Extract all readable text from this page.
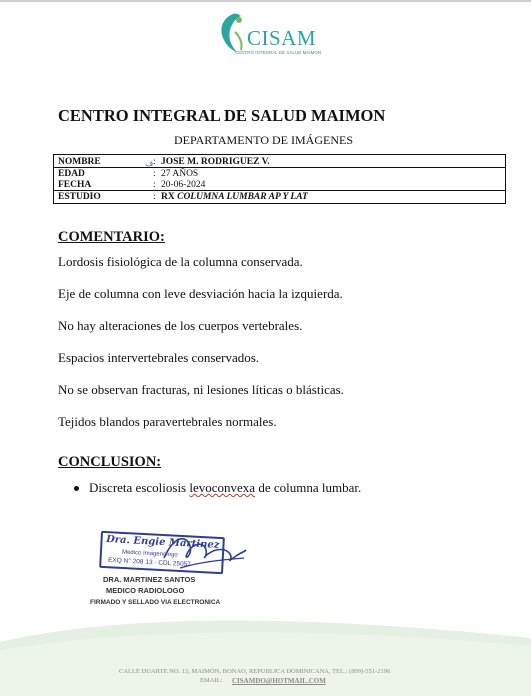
CISAM
CENTRO INTEGRAL DE SALUD MAIMON
CENTRO INTEGRAL DE SALUD MAIMON
DEPARTAMENTO DE IMÁGENES
ف
NOMBRE	: JOSE M. RODRIGUEZ V.
EDAD	: 27 AÑOS
FECHA	: 20-06-2024
ESTUDIO	: RX COLUMNA LUMBAR AP Y LAT
COMENTARIO:
Lordosis fisiológica de la columna conservada.
Eje de columna con leve desviación hacia la izquierda.
No hay alteraciones de los cuerpos vertebrales.
Espacios intervertebrales conservados.
No se observan fracturas, ni lesiones líticas o blásticas.
Tejidos blandos paravertebrales normales.
CONCLUSION:
Discreta escoliosis levoconvexa de columna lumbar.
Dra. Engie Martinez
Medico Imagenólogo
EXQ N° 208 13 · CDL 25057
DRA. MARTINEZ SANTOS
MEDICO RADIOLOGO
FIRMADO Y SELLADO VIA ELECTRONICA
CALLE DUARTE NO. 13, MAIMÓN, BONAO, REPUBLICA DOMINICANA, TEL.: (809)-551-2196
EMAIL: CISAMDO@HOTMAIL.COM
